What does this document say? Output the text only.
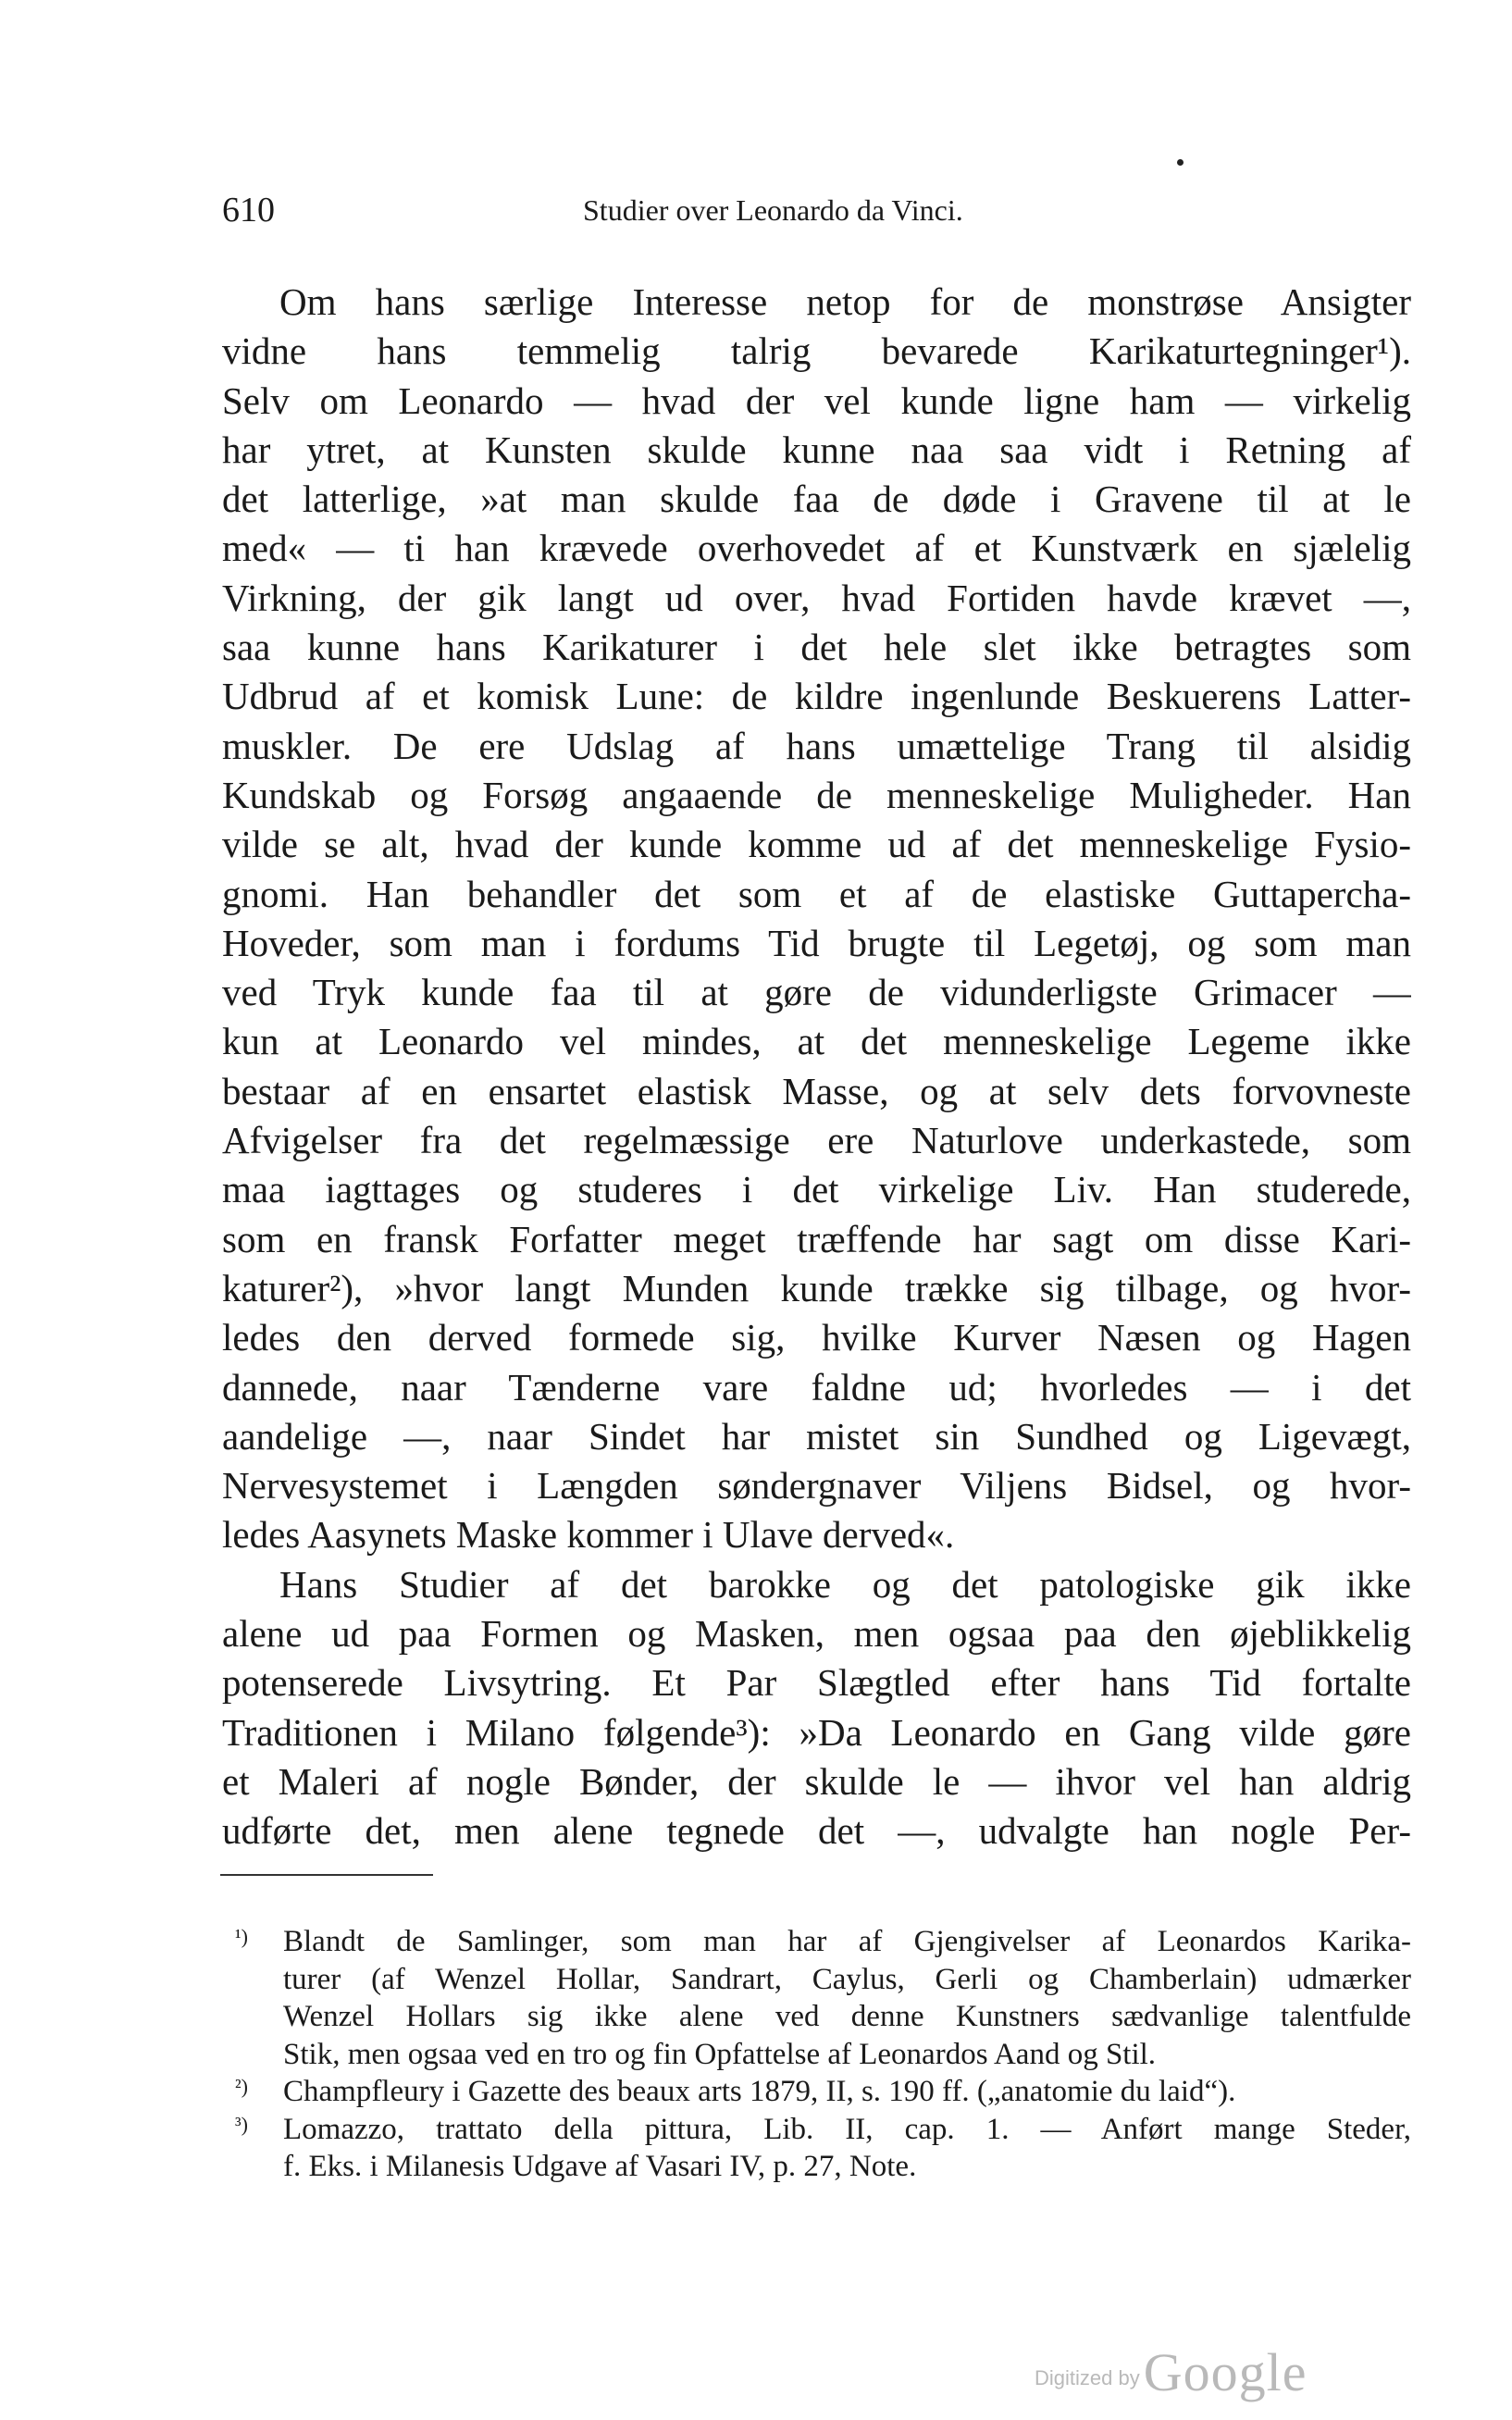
610	Studier over Leonardo da Vinci.
Om hans særlige Interesse netop for de monstrøse Ansigter
vidne hans temmelig talrig bevarede Karikaturtegninger¹).
Selv om Leonardo — hvad der vel kunde ligne ham — virkelig
har ytret, at Kunsten skulde kunne naa saa vidt i Retning af
det latterlige, »at man skulde faa de døde i Gravene til at le
med« — ti han krævede overhovedet af et Kunstværk en sjælelig
Virkning, der gik langt ud over, hvad Fortiden havde krævet —,
saa kunne hans Karikaturer i det hele slet ikke betragtes som
Udbrud af et komisk Lune: de kildre ingenlunde Beskuerens Latter-
muskler. De ere Udslag af hans umættelige Trang til alsidig
Kundskab og Forsøg angaaende de menneskelige Muligheder. Han
vilde se alt, hvad der kunde komme ud af det menneskelige Fysio-
gnomi. Han behandler det som et af de elastiske Guttapercha-
Hoveder, som man i fordums Tid brugte til Legetøj, og som man
ved Tryk kunde faa til at gøre de vidunderligste Grimacer —
kun at Leonardo vel mindes, at det menneskelige Legeme ikke
bestaar af en ensartet elastisk Masse, og at selv dets forvovneste
Afvigelser fra det regelmæssige ere Naturlove underkastede, som
maa iagttages og studeres i det virkelige Liv. Han studerede,
som en fransk Forfatter meget træffende har sagt om disse Kari-
katurer²), »hvor langt Munden kunde trække sig tilbage, og hvor-
ledes den derved formede sig, hvilke Kurver Næsen og Hagen
dannede, naar Tænderne vare faldne ud; hvorledes — i det
aandelige —, naar Sindet har mistet sin Sundhed og Ligevægt,
Nervesystemet i Længden søndergnaver Viljens Bidsel, og hvor-
ledes Aasynets Maske kommer i Ulave derved«.
Hans Studier af det barokke og det patologiske gik ikke
alene ud paa Formen og Masken, men ogsaa paa den øjeblikkelig
potenserede Livsytring. Et Par Slægtled efter hans Tid fortalte
Traditionen i Milano følgende³): »Da Leonardo en Gang vilde gøre
et Maleri af nogle Bønder, der skulde le — ihvor vel han aldrig
udførte det, men alene tegnede det —, udvalgte han nogle Per-
¹) Blandt de Samlinger, som man har af Gjengivelser af Leonardos Karika-
turer (af Wenzel Hollar, Sandrart, Caylus, Gerli og Chamberlain) udmærker
Wenzel Hollars sig ikke alene ved denne Kunstners sædvanlige talentfulde
Stik, men ogsaa ved en tro og fin Opfattelse af Leonardos Aand og Stil.
²) Champfleury i Gazette des beaux arts 1879, II, s. 190 ff. („anatomie du laid“).
³) Lomazzo, trattato della pittura, Lib. II, cap. 1. — Anført mange Steder,
f. Eks. i Milanesis Udgave af Vasari IV, p. 27, Note.
Digitized by Google
